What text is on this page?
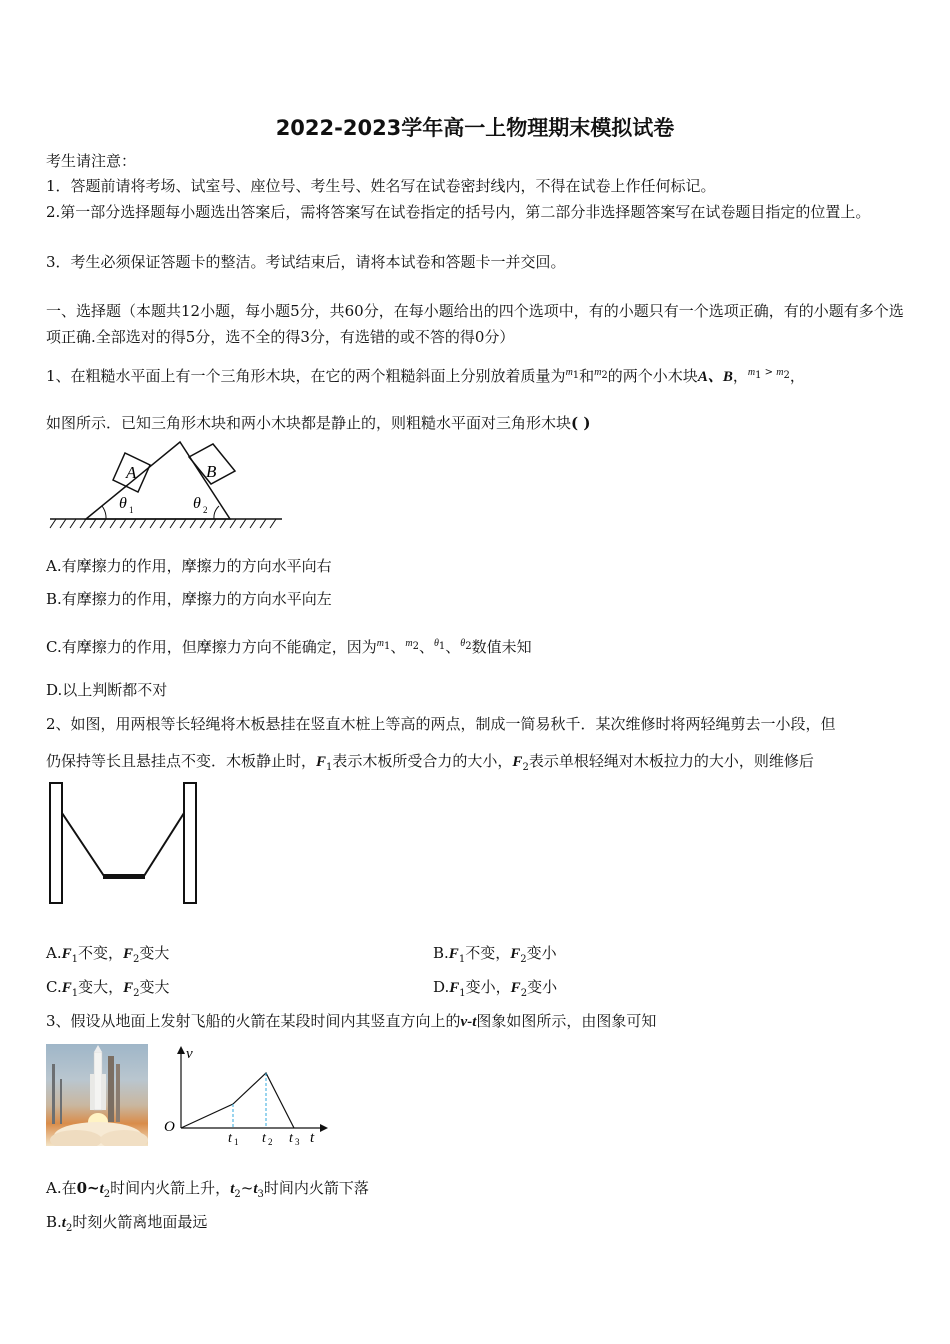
2022-2023学年高一上物理期末模拟试卷
考生请注意：
1．答题前请将考场、试室号、座位号、考生号、姓名写在试卷密封线内，不得在试卷上作任何标记。
2.第一部分选择题每小题选出答案后，需将答案写在试卷指定的括号内，第二部分非选择题答案写在试卷题目指定的位置上。
3．考生必须保证答题卡的整洁。考试结束后，请将本试卷和答题卡一并交回。
一、选择题（本题共12小题，每小题5分，共60分，在每小题给出的四个选项中，有的小题只有一个选项正确，有的小题有多个选项正确.全部选对的得5分，选不全的得3分，有选错的或不答的得0分）
1、在粗糙水平面上有一个三角形木块，在它的两个粗糙斜面上分别放着质量为$^{m_1}$和$^{m_2}$的两个小木块A、B，$^{m_1 > m_2}$，
如图所示．已知三角形木块和两小木块都是静止的，则粗糙水平面对三角形木块( )
A	B
θ 1	θ 2
A.有摩擦力的作用，摩擦力的方向水平向右
B.有摩擦力的作用，摩擦力的方向水平向左
C.有摩擦力的作用，但摩擦力方向不能确定，因为$^{m_1}$、$^{m_2}$、$^{\theta_1}$、$^{\theta_2}$数值未知
D.以上判断都不对
2、如图，用两根等长轻绳将木板悬挂在竖直木桩上等高的两点，制成一简易秋千．某次维修时将两轻绳剪去一小段，但
仍保持等长且悬挂点不变．木板静止时，$F_1$表示木板所受合力的大小，$F_2$表示单根轻绳对木板拉力的大小，则维修后
$A.F_1$不变，$F_2$变大	$B.F_1$不变，$F_2$变小
$C.F_1$变大，$F_2$变大	$D.F_1$变小，$F_2$变小
3、假设从地面上发射飞船的火箭在某段时间内其竖直方向上的v-t图象如图所示，由图象可知
v
O
t
t 1 t 2 t 3
A.在$0\sim t_2$时间内火箭上升，$t_2\sim t_3$时间内火箭下落
$B.t_2$时刻火箭离地面最远
